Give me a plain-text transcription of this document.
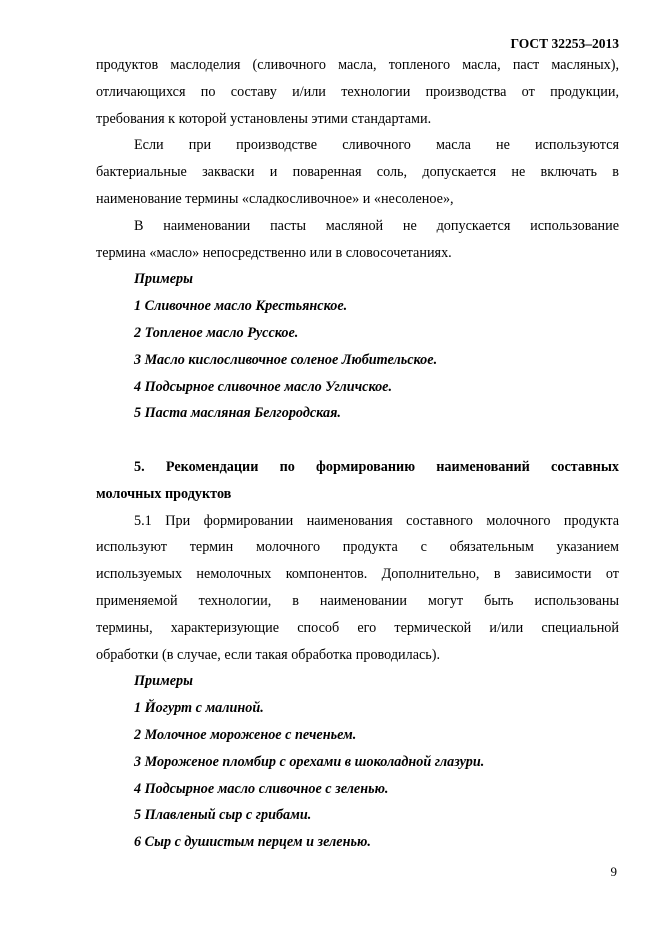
ГОСТ 32253–2013

продуктов маслоделия (сливочного масла, топленого масла, паст масляных),

отличающихся по составу и/или технологии производства от продукции,

требования к которой установлены этими стандартами.

Если при производстве сливочного масла не используются

бактериальные закваски и поваренная соль, допускается не включать в

наименование термины «сладкосливочное» и «несоленое»,

В наименовании пасты масляной не допускается использование

термина «масло» непосредственно или в словосочетаниях.

Примеры

1 Сливочное масло Крестьянское.

2 Топленое масло Русское.

3 Масло кислосливочное соленое Любительское.

4 Подсырное сливочное масло Угличское.

5 Паста масляная Белгородская.

5. Рекомендации по формированию наименований составных

молочных продуктов

5.1 При формировании наименования составного молочного продукта

используют термин молочного продукта с обязательным указанием

используемых немолочных компонентов. Дополнительно, в зависимости от

применяемой технологии, в наименовании могут быть использованы

термины, характеризующие способ его термической и/или специальной

обработки (в случае, если такая обработка проводилась).

Примеры

1 Йогурт с малиной.

2 Молочное мороженое с печеньем.

3 Мороженое пломбир с орехами в шоколадной глазури.

4 Подсырное масло сливочное с зеленью.

5 Плавленый сыр с грибами.

6 Сыр с душистым перцем и зеленью.

9
